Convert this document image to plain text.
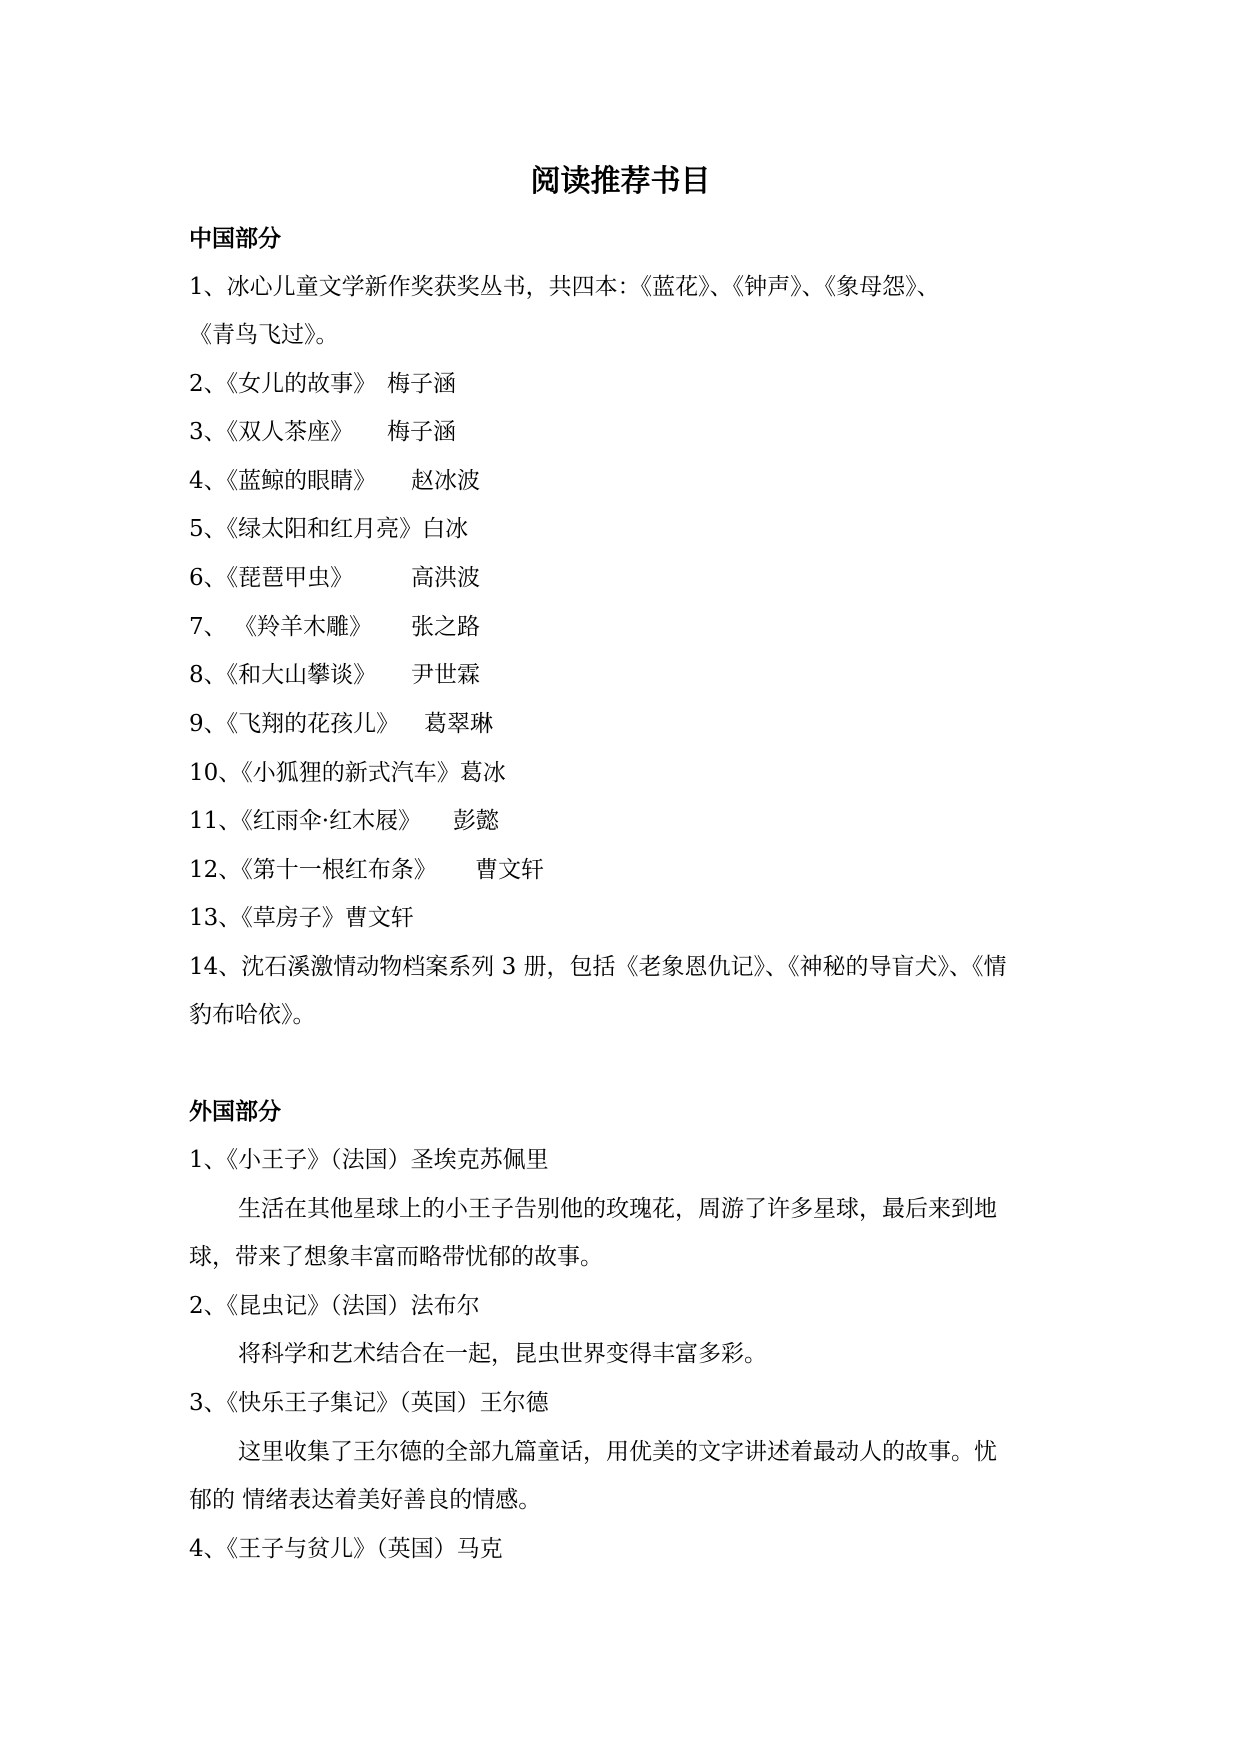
阅读推荐书目
中国部分
1、冰心儿童文学新作奖获奖丛书，共四本：《蓝花》、《钟声》、《象母怨》、
《青鸟飞过》。
2、《女儿的故事》 梅子涵
3、《双人茶座》 梅子涵
4、《蓝鲸的眼睛》 赵冰波
5、《绿太阳和红月亮》白冰
6、《琵琶甲虫》	高洪波
7、 《羚羊木雕》 张之路
8、《和大山攀谈》 尹世霖
9、《飞翔的花孩儿》 葛翠琳
10、《小狐狸的新式汽车》葛冰
11、《红雨伞·红木屐》 彭懿
12、《第十一根红布条》 曹文轩
13、《草房子》曹文轩
14、沈石溪激情动物档案系列 3 册，包括《老象恩仇记》、《神秘的导盲犬》、《情
豹布哈依》。
外国部分
1、《小王子》（法国）圣埃克苏佩里
生活在其他星球上的小王子告别他的玫瑰花，周游了许多星球，最后来到地
球，带来了想象丰富而略带忧郁的故事。
2、《昆虫记》（法国）法布尔
将科学和艺术结合在一起，昆虫世界变得丰富多彩。
3、《快乐王子集记》（英国）王尔德
这里收集了王尔德的全部九篇童话，用优美的文字讲述着最动人的故事。忧
郁的 情绪表达着美好善良的情感。
4、《王子与贫儿》（英国）马克
